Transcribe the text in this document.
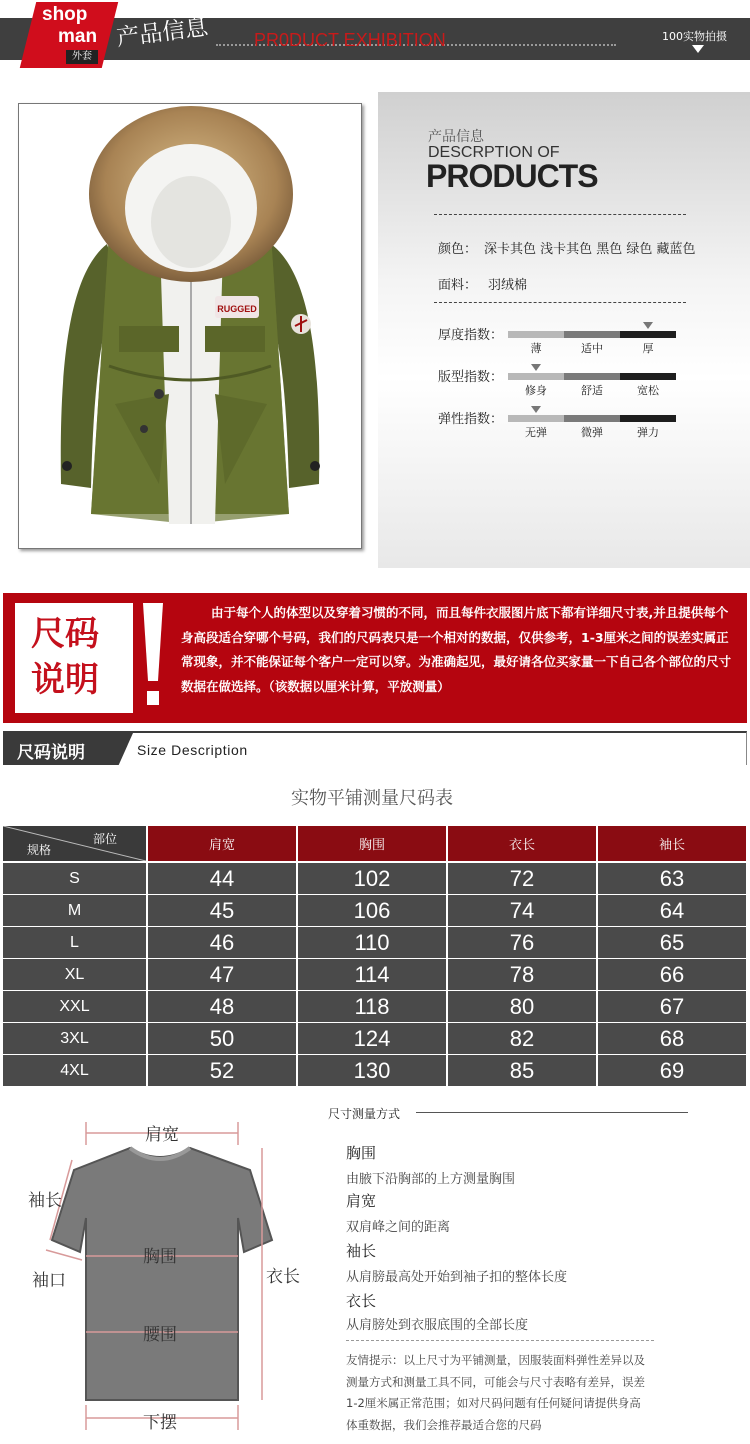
shop
man
外套
产品信息 PR0DUCT EXHIBITION	100实物拍摄
RUGGED
产品信息
DESCRPTION OF
PRODUCTS
颜色： 深卡其色 浅卡其色 黑色 绿色 藏蓝色
面料： 羽绒棉
厚度指数：
薄	适中	厚
版型指数：
修身	舒适	宽松
弹性指数：
无弹	微弹	弹力
尺码
说明
由于每个人的体型以及穿着习惯的不同，而且每件衣服图片底下都有详细尺寸表,并且提供每个身高段适合穿哪个号码，我们的尺码表只是一个相对的数据，仅供参考，1-3厘米之间的误差实属正常现象，并不能保证每个客户一定可以穿。为准确起见，最好请各位买家量一下自己各个部位的尺寸数据在做选择。（该数据以厘米计算，平放测量）
尺码说明	Size Description
实物平铺测量尺码表
部位
规格	肩宽	胸围	衣长	袖长
S	44	102	72	63
M	45	106	74	64
L	46	110	76	65
XL	47	114	78	66
XXL	48	118	80	67
3XL	50	124	82	68
4XL	52	130	85	69
肩宽
袖长
袖口
胸围
衣长
腰围
下摆
尺寸测量方式
胸围
由腋下沿胸部的上方测量胸围
肩宽
双肩峰之间的距离
袖长
从肩膀最高处开始到袖子扣的整体长度
衣长
从肩膀处到衣服底围的全部长度
友情提示：以上尺寸为平铺测量，因服装面料弹性差异以及测量方式和测量工具不同，可能会与尺寸表略有差异，误差1-2厘米属正常范围；如对尺码问题有任何疑问请提供身高体重数据，我们会推荐最适合您的尺码
